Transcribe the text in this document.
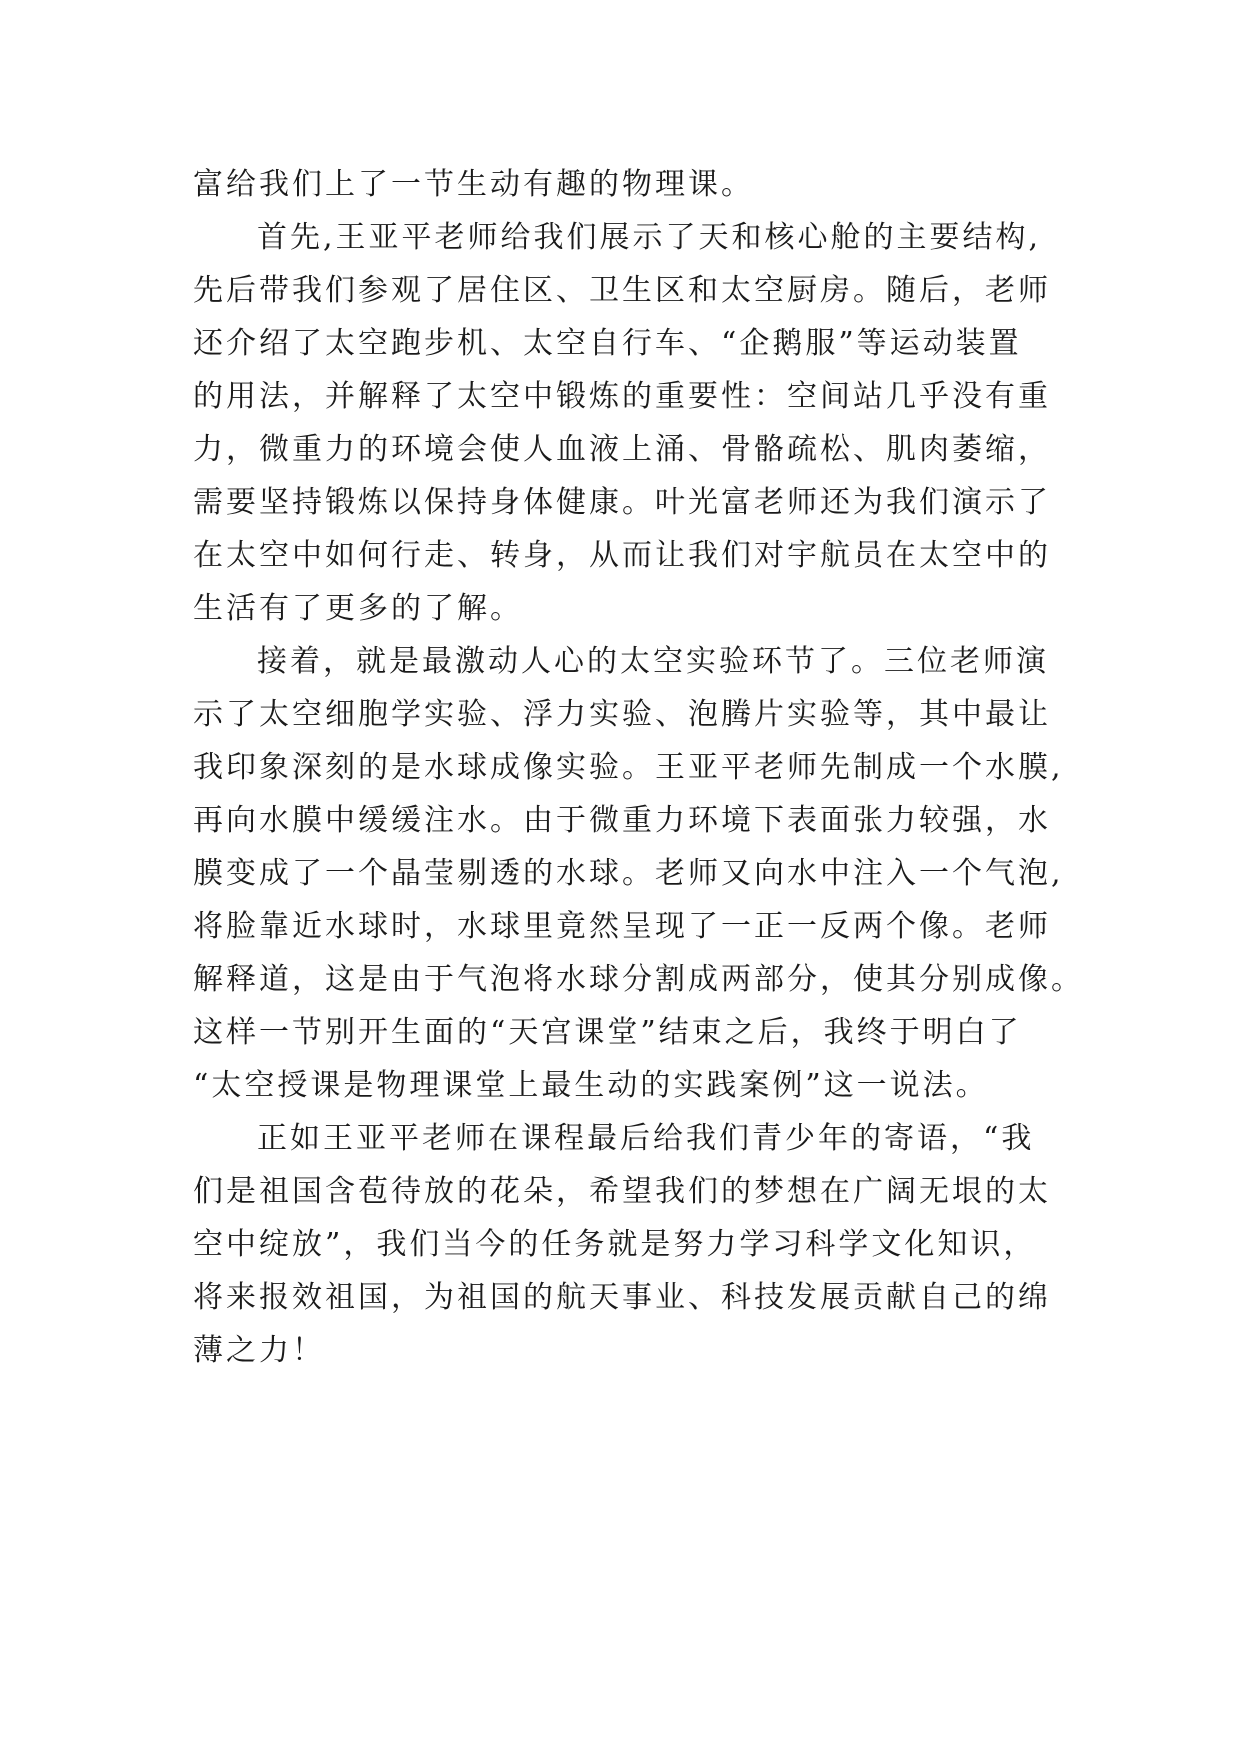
富给我们上了一节生动有趣的物理课。
首先,王亚平老师给我们展示了天和核心舱的主要结构,
先后带我们参观了居住区、卫生区和太空厨房。随后，老师
还介绍了太空跑步机、太空自行车、“企鹅服”等运动装置
的用法，并解释了太空中锻炼的重要性：空间站几乎没有重
力，微重力的环境会使人血液上涌、骨骼疏松、肌肉萎缩，
需要坚持锻炼以保持身体健康。叶光富老师还为我们演示了
在太空中如何行走、转身，从而让我们对宇航员在太空中的
生活有了更多的了解。
接着，就是最激动人心的太空实验环节了。三位老师演
示了太空细胞学实验、浮力实验、泡腾片实验等，其中最让
我印象深刻的是水球成像实验。王亚平老师先制成一个水膜,
再向水膜中缓缓注水。由于微重力环境下表面张力较强，水
膜变成了一个晶莹剔透的水球。老师又向水中注入一个气泡,
将脸靠近水球时，水球里竟然呈现了一正一反两个像。老师
解释道，这是由于气泡将水球分割成两部分，使其分别成像。
这样一节别开生面的“天宫课堂”结束之后，我终于明白了
“太空授课是物理课堂上最生动的实践案例”这一说法。
正如王亚平老师在课程最后给我们青少年的寄语，“我
们是祖国含苞待放的花朵，希望我们的梦想在广阔无垠的太
空中绽放”，我们当今的任务就是努力学习科学文化知识，
将来报效祖国，为祖国的航天事业、科技发展贡献自己的绵
薄之力！
